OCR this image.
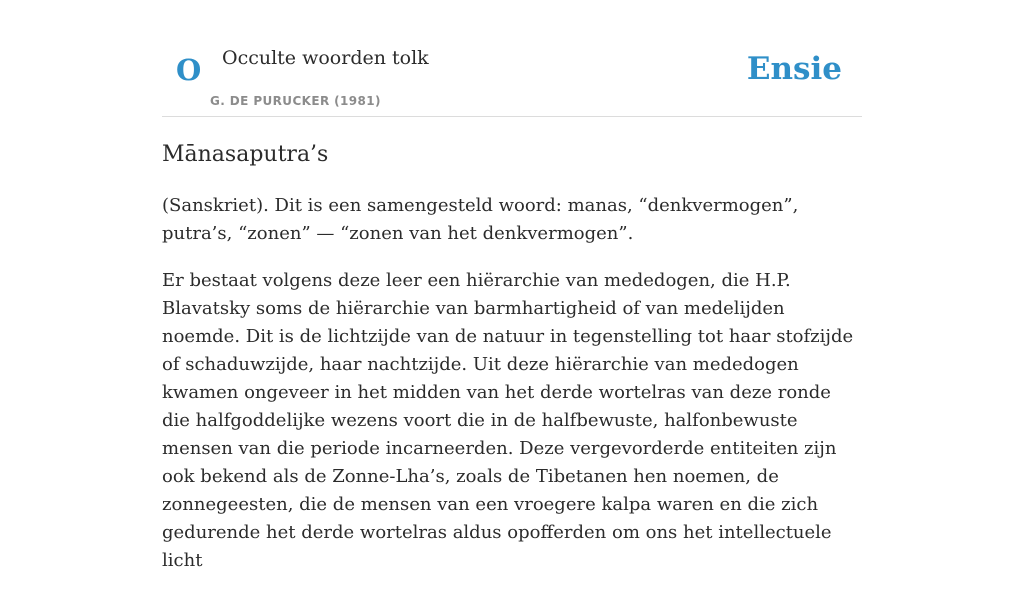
O Occulte woorden tolk
G. DE PURUCKER (1981)
Ensie
Mānasaputra’s

(Sanskriet). Dit is een samengesteld woord: manas, “denkvermogen”, putra’s, “zonen” — “zonen van het denkvermogen”.

Er bestaat volgens deze leer een hiërarchie van mededogen, die H.P. Blavatsky soms de hiërarchie van barmhartigheid of van medelijden noemde. Dit is de lichtzijde van de natuur in tegenstelling tot haar stofzijde of schaduwzijde, haar nachtzijde. Uit deze hiërarchie van mededogen kwamen ongeveer in het midden van het derde wortelras van deze ronde die halfgoddelijke wezens voort die in de halfbewuste, halfonbewuste mensen van die periode incarneerden. Deze vergevorderde entiteiten zijn ook bekend als de Zonne-Lha’s, zoals de Tibetanen hen noemen, de zonnegeesten, die de mensen van een vroegere kalpa waren en die zich gedurende het derde wortelras aldus opofferden om ons het intellectuele licht
